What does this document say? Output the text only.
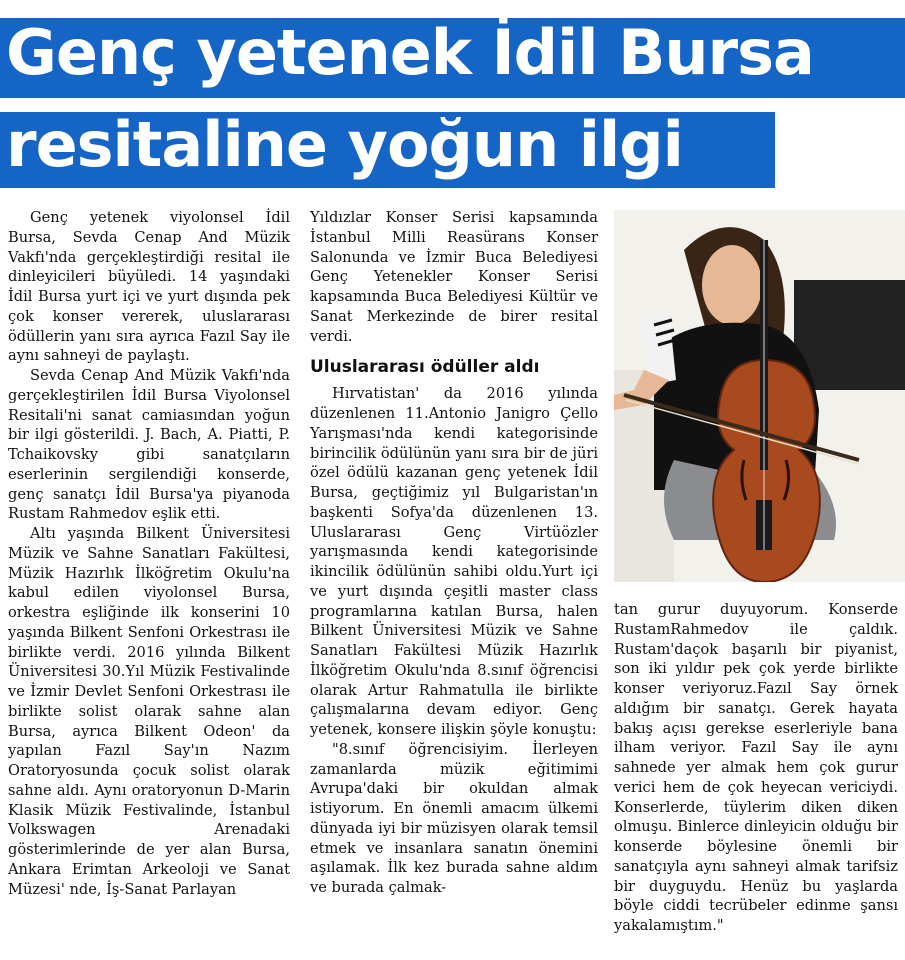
Genç yetenek İdil Bursa
resitaline yoğun ilgi

Genç yetenek viyolonsel İdil Bursa, Sevda Cenap And Müzik Vakfı'nda gerçekleştirdiği resital ile dinleyicileri büyüledi. 14 yaşındaki İdil Bursa yurt içi ve yurt dışında pek çok konser vererek, uluslararası ödüllerin yanı sıra ayrıca Fazıl Say ile aynı sahneyi de paylaştı.

Sevda Cenap And Müzik Vakfı'nda gerçekleştirilen İdil Bursa Viyolonsel Resitali'ni sanat camiasından yoğun bir ilgi gösterildi. J. Bach, A. Piatti, P. Tchaikovsky gibi sanatçıların eserlerinin sergilendiği konserde, genç sanatçı İdil Bursa'ya piyanoda Rustam Rahmedov eşlik etti.

Altı yaşında Bilkent Üniversitesi Müzik ve Sahne Sanatları Fakültesi, Müzik Hazırlık İlköğretim Okulu'na kabul edilen viyolonsel Bursa, orkestra eşliğinde ilk konserini 10 yaşında Bilkent Senfoni Orkestrası ile birlikte verdi. 2016 yılında Bilkent Üniversitesi 30.Yıl Müzik Festivalinde ve İzmir Devlet Senfoni Orkestrası ile birlikte solist olarak sahne alan Bursa, ayrıca Bilkent Odeon' da yapılan Fazıl Say'ın Nazım Oratoryosunda çocuk solist olarak sahne aldı. Aynı oratoryonun D-Marin Klasik Müzik Festivalinde, İstanbul Volkswagen Arenadaki gösterimlerinde de yer alan Bursa, Ankara Erimtan Arkeoloji ve Sanat Müzesi' nde, İş-Sanat Parlayan

Yıldızlar Konser Serisi kapsamında İstanbul Milli Reasürans Konser Salonunda ve İzmir Buca Belediyesi Genç Yetenekler Konser Serisi kapsamında Buca Belediyesi Kültür ve Sanat Merkezinde de birer resital verdi.

Uluslararası ödüller aldı

Hırvatistan' da 2016 yılında düzenlenen 11.Antonio Janigro Çello Yarışması'nda kendi kategorisinde birincilik ödülünün yanı sıra bir de jüri özel ödülü kazanan genç yetenek İdil Bursa, geçtiğimiz yıl Bulgaristan'ın başkenti Sofya'da düzenlenen 13. Uluslararası Genç Virtüözler yarışmasında kendi kategorisinde ikincilik ödülünün sahibi oldu.Yurt içi ve yurt dışında çeşitli master class programlarına katılan Bursa, halen Bilkent Üniversitesi Müzik ve Sahne Sanatları Fakültesi Müzik Hazırlık İlköğretim Okulu'nda 8.sınıf öğrencisi olarak Artur Rahmatulla ile birlikte çalışmalarına devam ediyor. Genç yetenek, konsere ilişkin şöyle konuştu:

"8.sınıf öğrencisiyim. İlerleyen zamanlarda müzik eğitimimi Avrupa'daki bir okuldan almak istiyorum. En önemli amacım ülkemi dünyada iyi bir müzisyen olarak temsil etmek ve insanlara sanatın önemini aşılamak. İlk kez burada sahne aldım ve burada çalmak-

tan gurur duyuyorum. Konserde RustamRahmedov ile çaldık. Rustam'daçok başarılı bir piyanist, son iki yıldır pek çok yerde birlikte konser veriyoruz.Fazıl Say örnek aldığım bir sanatçı. Gerek hayata bakış açısı gerekse eserleriyle bana ilham veriyor. Fazıl Say ile aynı sahnede yer almak hem çok gurur verici hem de çok heyecan vericiydi. Konserlerde, tüylerim diken diken olmuşu. Binlerce dinleyicin olduğu bir konserde böylesine önemli bir sanatçıyla aynı sahneyi almak tarifsiz bir duyguydu. Henüz bu yaşlarda böyle ciddi tecrübeler edinme şansı yakalamıştım."
